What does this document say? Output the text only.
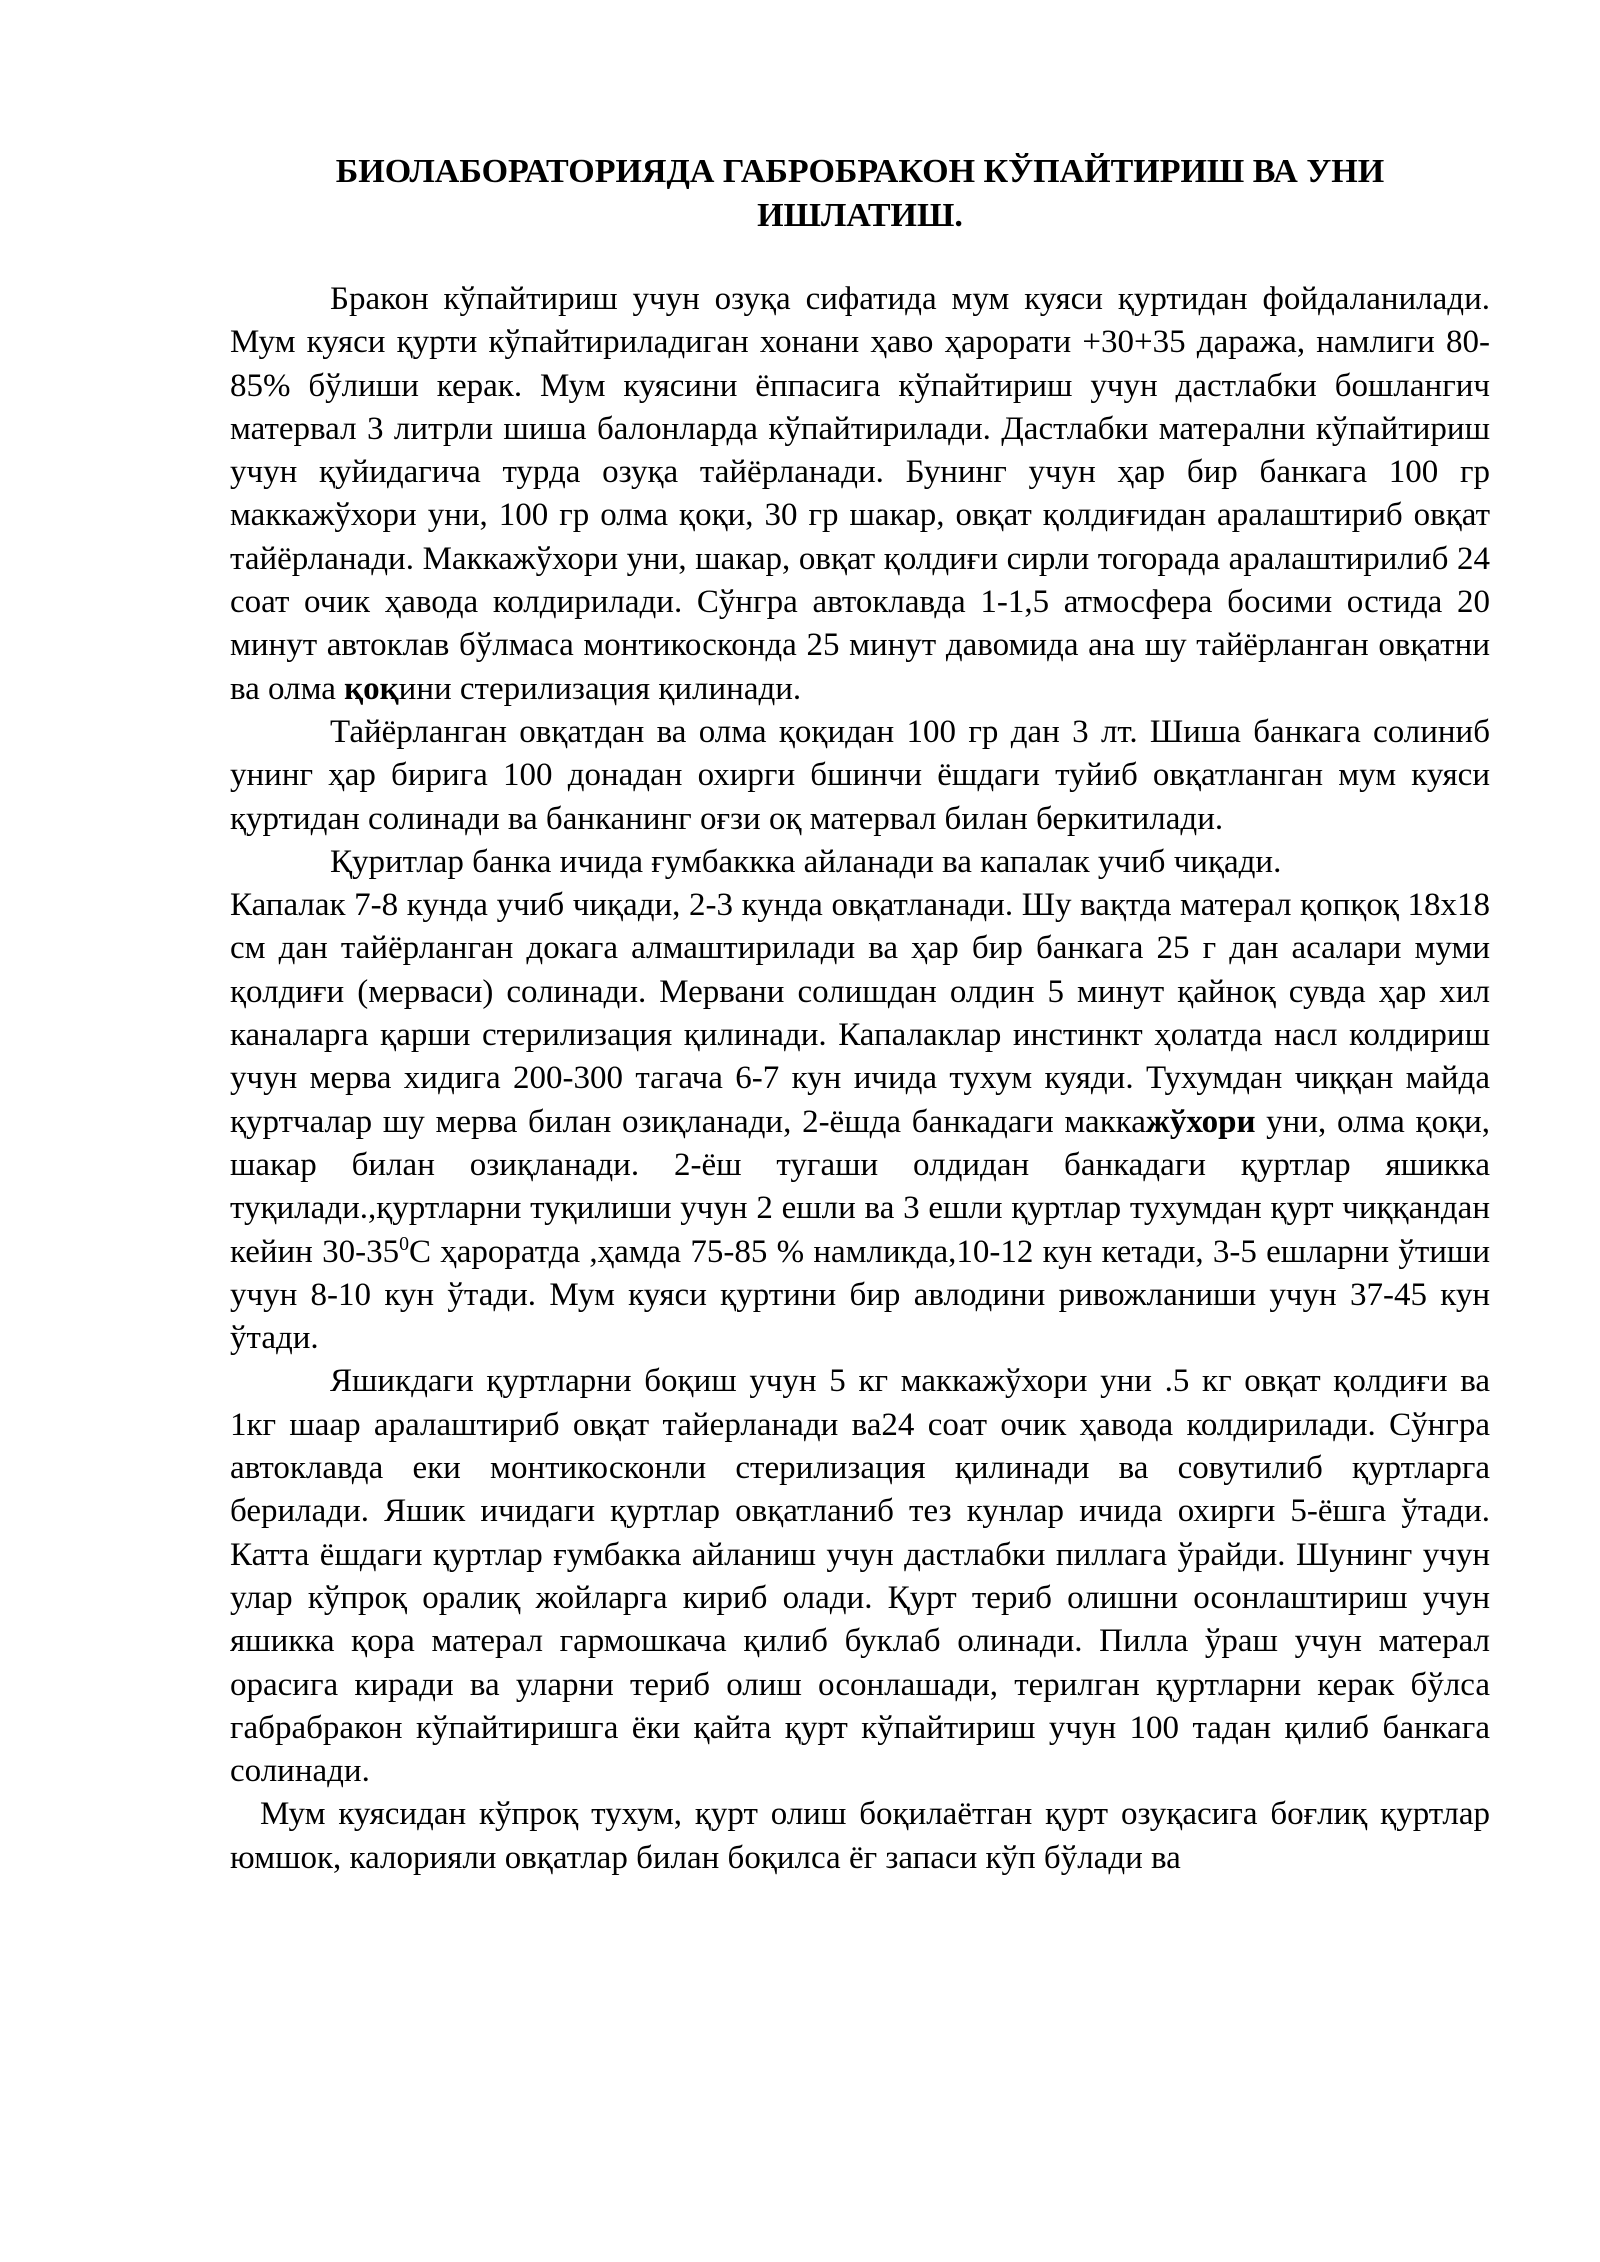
БИОЛАБОРАТОРИЯДА ГАБРОБРАКОН КЎПАЙТИРИШ ВА УНИ ИШЛАТИШ.

Бракон кўпайтириш учун озуқа сифатида мум куяси қуртидан фойдаланилади. Мум куяси қурти кўпайтириладиган хонани ҳаво ҳарорати +30+35 даража, намлиги 80-85% бўлиши керак. Мум куясини ёппасига кўпайтириш учун дастлабки бошлангич матервал 3 литрли шиша балонларда кўпайтирилади. Дастлабки матерални кўпайтириш учун қуйидагича турда озуқа тайёрланади. Бунинг учун ҳар бир банкага 100 гр маккажўхори уни, 100 гр олма қоқи, 30 гр шакар, овқат қолдиғидан аралаштириб овқат тайёрланади. Маккажўхори уни, шакар, овқат қолдиғи сирли тогорада аралаштирилиб 24 соат очик ҳаводa колдирилади. Сўнгра автоклавда 1-1,5 атмосфера босими остида 20 минут автоклав бўлмаса монтикосконда 25 минут давомида ана шу тайёрланган овқатни ва олма қоқини стерилизация қилинади.

Тайёрланган овқатдан ва олма қоқидан 100 гр дан 3 лт. Шиша банкага солиниб унинг ҳар бирига 100 донадан охирги бшинчи ёшдаги туйиб овқатланган мум куяси қуртидан солинади ва банканинг оғзи оқ матервал билан беркитилади.

Қуритлар банка ичида ғумбаккка айланади ва капалак учиб чиқади.

Капалак 7-8 кунда учиб чиқади, 2-3 кунда овқатланади. Шу вақтда матерал қопқоқ 18х18 см дан тайёрланган докага алмаштирилади ва ҳар бир банкага 25 г дан асалари муми қолдиғи (мерваси) солинади. Мервани солишдан олдин 5 минут қайноқ сувда ҳар хил каналарга қарши стерилизация қилинади. Капалаклар инстинкт ҳолатда насл колдириш учун мерва хидига 200-300 тагача 6-7 кун ичида тухум куяди. Тухумдан чиққан майда қуртчалар шу мерва билан озиқланади, 2-ёшда банкадаги маккажўхори уни, олма қоқи, шакар билан озиқланади. 2-ёш тугаши олдидан банкадаги қуртлар яшикка туқилади.,қуртларни туқилиши учун 2 ешли ва 3 ешли қуртлар тухумдан қурт чиққандан кейин $30-35^0С$ ҳароратда ,ҳамда 75-85 % намликда,10-12 кун кетади, 3-5 ешларни ўтиши учун 8-10 кун ўтади. Мум куяси қуртини бир авлодини ривожланиши учун 37-45 кун ўтади.

Яшикдаги қуртларни боқиш учун 5 кг маккажўхори уни .5 кг овқат қолдиғи ва 1кг шаар аралаштириб овқат тайерланади ва24 соат очик ҳаводa колдирилади. Сўнгра автоклавда еки монтикосконли стерилизация қилинади ва совутилиб қуртларга берилади. Яшик ичидаги қуртлар овқатланиб тез кунлар ичида охирги 5-ёшга ўтади. Катта ёшдаги қуртлар ғумбакка айланиш учун дастлабки пиллага ўрайди. Шунинг учун улар кўпроқ оралиқ жойларга кириб олади. Қурт териб олишни осонлаштириш учун яшикка қора матерал гармошкача қилиб буклаб олинади. Пилла ўраш учун матерал орасига киради ва уларни териб олиш осонлашади, терилган қуртларни керак бўлса габрабракон кўпайтиришга ёки қайта қурт кўпайтириш учун 100 тадан қилиб банкага солинади.

Мум куясидан кўпроқ тухум, қурт олиш боқилаётган қурт озуқасига боғлиқ қуртлар юмшок, калорияли овқатлар билан боқилса ёг запаси кўп бўлади ва
